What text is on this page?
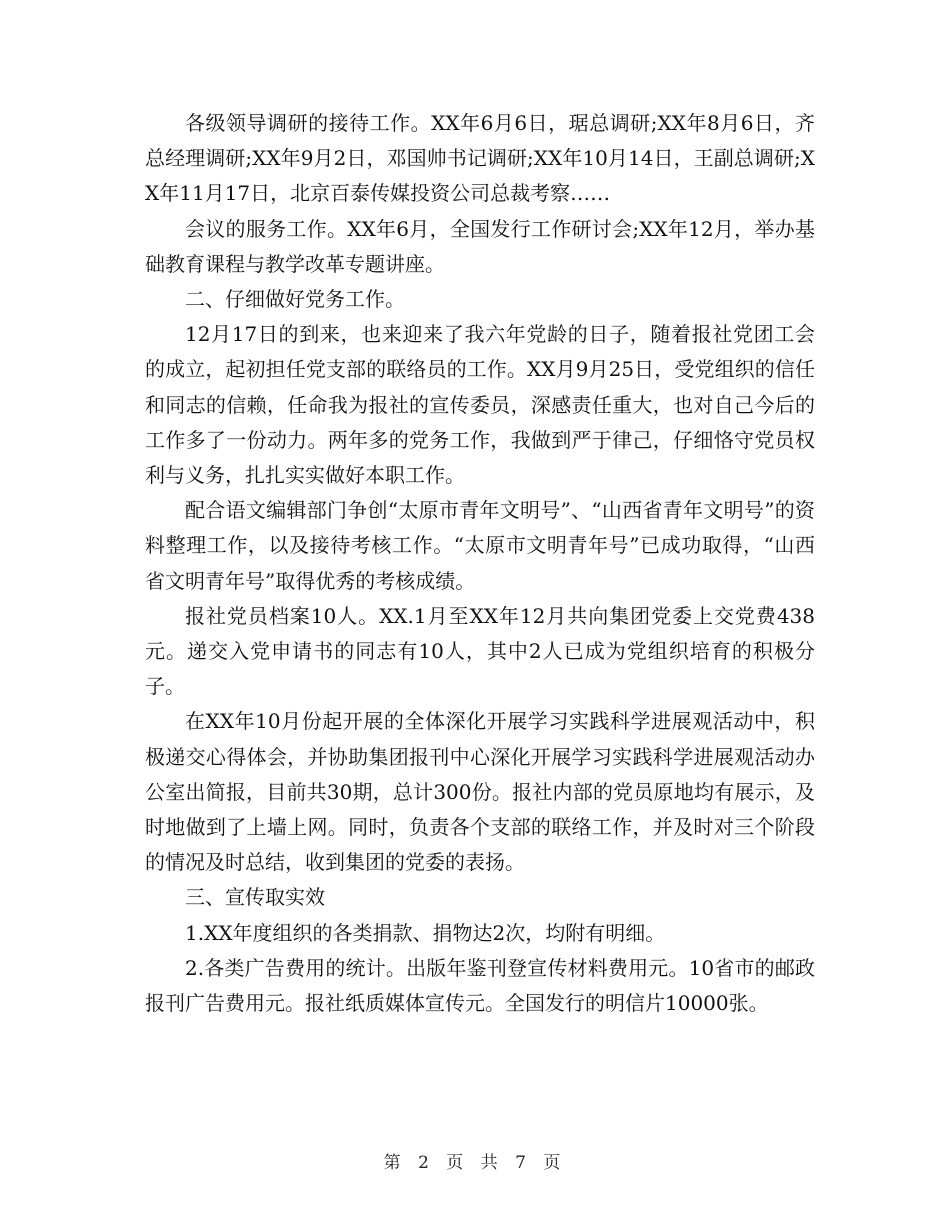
各级领导调研的接待工作。XX年6月6日，琚总调研;XX年8月6日，齐总经理调研;XX年9月2日，邓国帅书记调研;XX年10月14日，王副总调研;XX年11月17日，北京百泰传媒投资公司总裁考察……

会议的服务工作。XX年6月，全国发行工作研讨会;XX年12月，举办基础教育课程与教学改革专题讲座。

二、仔细做好党务工作。

12月17日的到来，也来迎来了我六年党龄的日子，随着报社党团工会的成立，起初担任党支部的联络员的工作。XX月9月25日，受党组织的信任和同志的信赖，任命我为报社的宣传委员，深感责任重大，也对自己今后的工作多了一份动力。两年多的党务工作，我做到严于律己，仔细恪守党员权利与义务，扎扎实实做好本职工作。

配合语文编辑部门争创“太原市青年文明号”、“山西省青年文明号”的资料整理工作，以及接待考核工作。“太原市文明青年号”已成功取得，“山西省文明青年号”取得优秀的考核成绩。

报社党员档案10人。XX.1月至XX年12月共向集团党委上交党费438元。递交入党申请书的同志有10人，其中2人已成为党组织培育的积极分子。

在XX年10月份起开展的全体深化开展学习实践科学进展观活动中，积极递交心得体会，并协助集团报刊中心深化开展学习实践科学进展观活动办公室出简报，目前共30期，总计300份。报社内部的党员原地均有展示，及时地做到了上墙上网。同时，负责各个支部的联络工作，并及时对三个阶段的情况及时总结，收到集团的党委的表扬。

三、宣传取实效

1.XX年度组织的各类捐款、捐物达2次，均附有明细。

2.各类广告费用的统计。出版年鉴刊登宣传材料费用元。10省市的邮政报刊广告费用元。报社纸质媒体宣传元。全国发行的明信片10000张。

第 2 页 共 7 页
